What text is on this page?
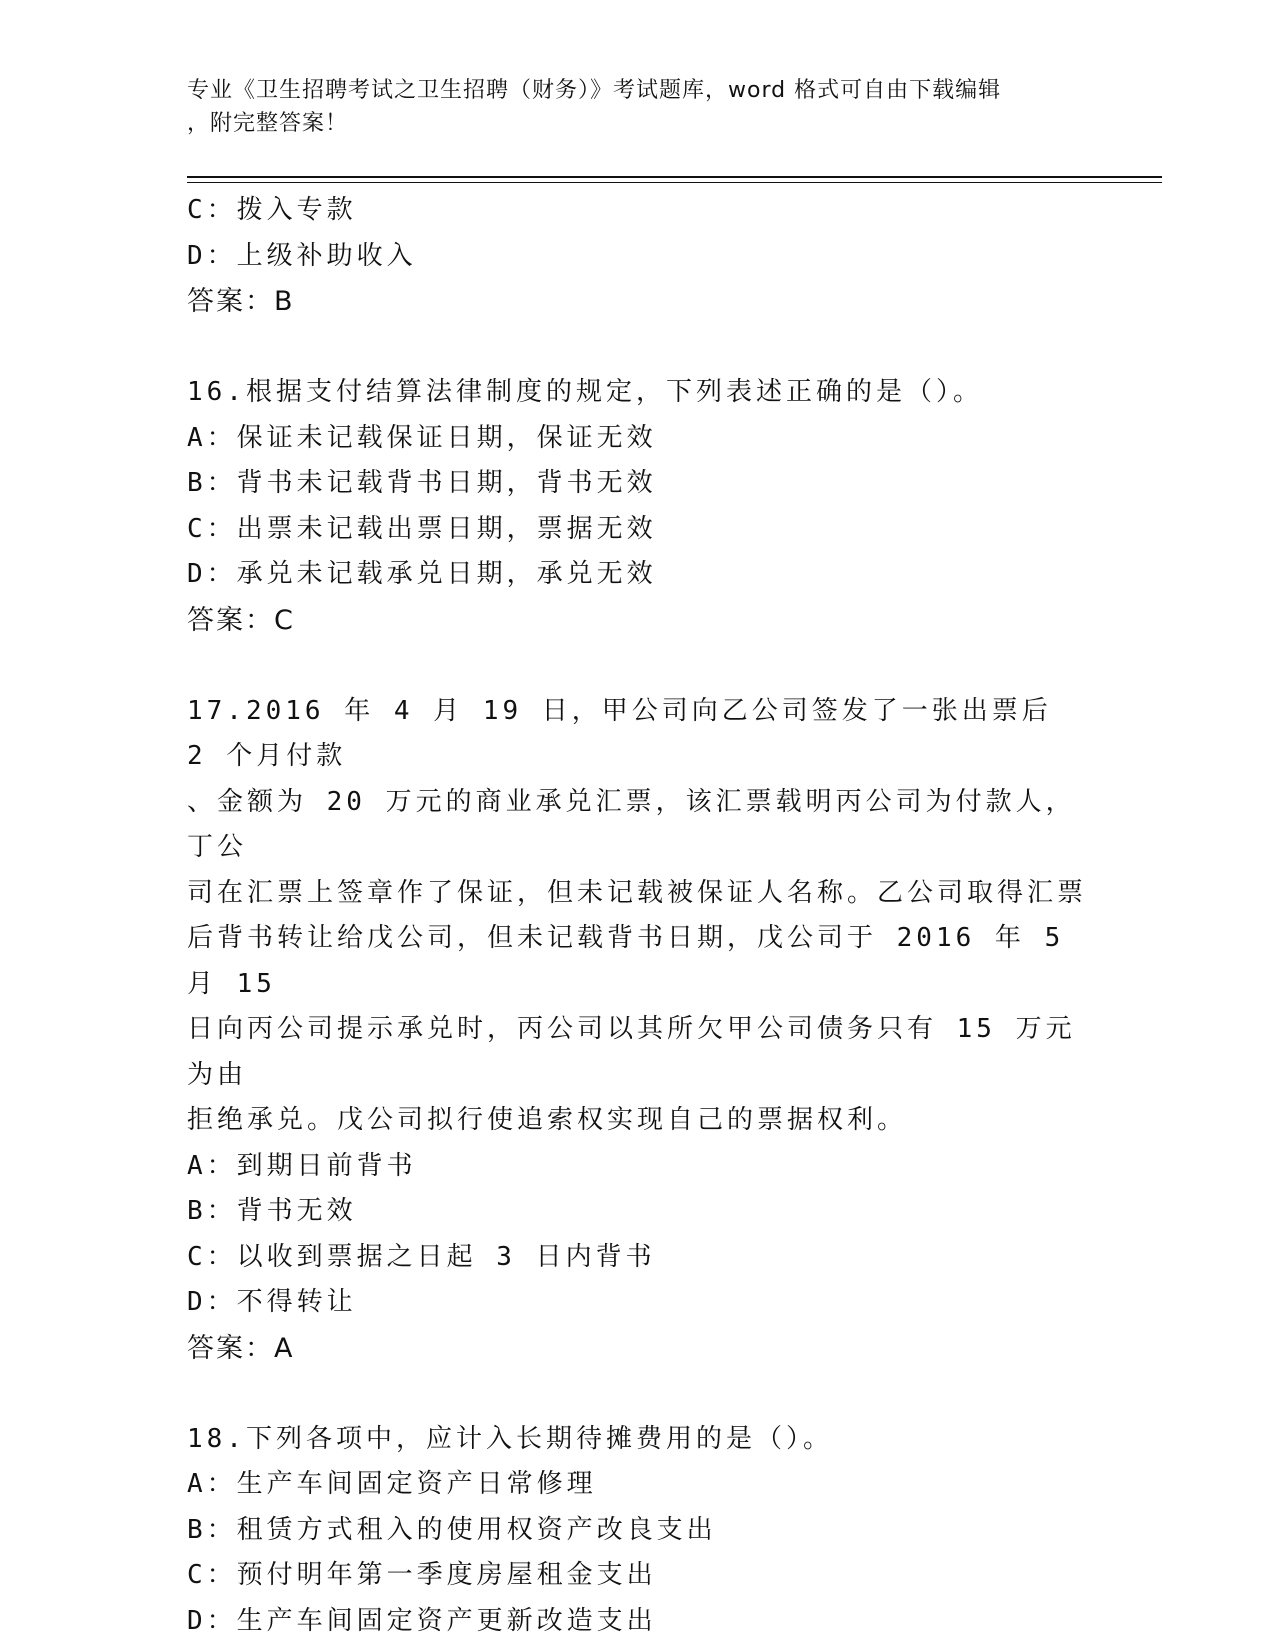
专业《卫生招聘考试之卫生招聘（财务）》考试题库，word 格式可自由下载编辑
，附完整答案！
C：拨入专款
D：上级补助收入
答案：B
16.根据支付结算法律制度的规定，下列表述正确的是（）。
A：保证未记载保证日期，保证无效
B：背书未记载背书日期，背书无效
C：出票未记载出票日期，票据无效
D：承兑未记载承兑日期，承兑无效
答案：C
17.2016 年 4 月 19 日，甲公司向乙公司签发了一张出票后 2 个月付款
、金额为 20 万元的商业承兑汇票，该汇票载明丙公司为付款人，丁公
司在汇票上签章作了保证，但未记载被保证人名称。乙公司取得汇票
后背书转让给戊公司，但未记载背书日期，戊公司于 2016 年 5 月 15
日向丙公司提示承兑时，丙公司以其所欠甲公司债务只有 15 万元为由
拒绝承兑。戊公司拟行使追索权实现自己的票据权利。
A：到期日前背书
B：背书无效
C：以收到票据之日起 3 日内背书
D：不得转让
答案：A
18.下列各项中，应计入长期待摊费用的是（）。
A：生产车间固定资产日常修理
B：租赁方式租入的使用权资产改良支出
C：预付明年第一季度房屋租金支出
D：生产车间固定资产更新改造支出
